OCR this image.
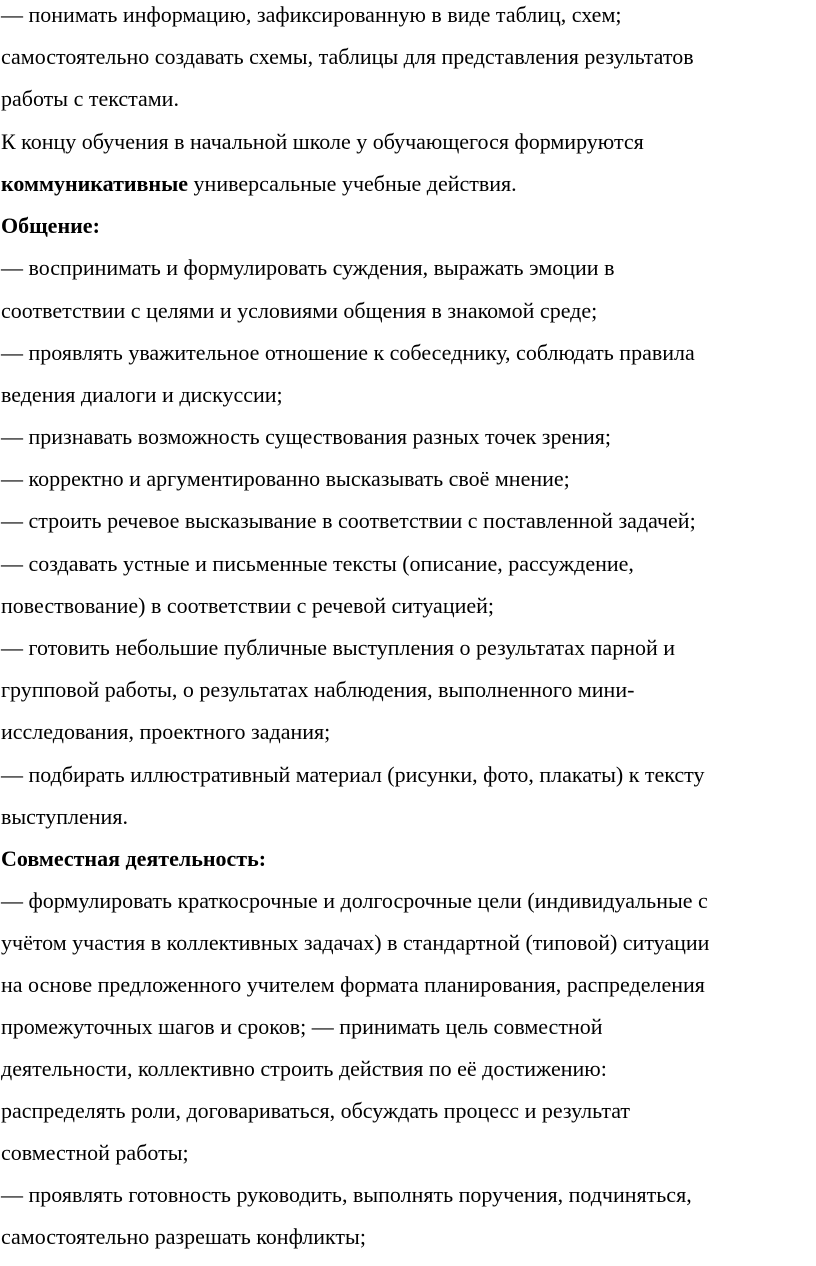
— понимать информацию, зафиксированную в виде таблиц, схем;
самостоятельно создавать схемы, таблицы для представления результатов
работы с текстами.
К концу обучения в начальной школе у обучающегося формируются
коммуникативные универсальные учебные действия.
Общение:
— воспринимать и формулировать суждения, выражать эмоции в
соответствии с целями и условиями общения в знакомой среде;
— проявлять уважительное отношение к собеседнику, соблюдать правила
ведения диалоги и дискуссии;
— признавать возможность существования разных точек зрения;
— корректно и аргументированно высказывать своё мнение;
— строить речевое высказывание в соответствии с поставленной задачей;
— создавать устные и письменные тексты (описание, рассуждение,
повествование) в соответствии с речевой ситуацией;
— готовить небольшие публичные выступления о результатах парной и
групповой работы, о результатах наблюдения, выполненного мини-
исследования, проектного задания;
— подбирать иллюстративный материал (рисунки, фото, плакаты) к тексту
выступления.
Совместная деятельность:
— формулировать краткосрочные и долгосрочные цели (индивидуальные с
учётом участия в коллективных задачах) в стандартной (типовой) ситуации
на основе предложенного учителем формата планирования, распределения
промежуточных шагов и сроков; — принимать цель совместной
деятельности, коллективно строить действия по её достижению:
распределять роли, договариваться, обсуждать процесс и результат
совместной работы;
— проявлять готовность руководить, выполнять поручения, подчиняться,
самостоятельно разрешать конфликты;
